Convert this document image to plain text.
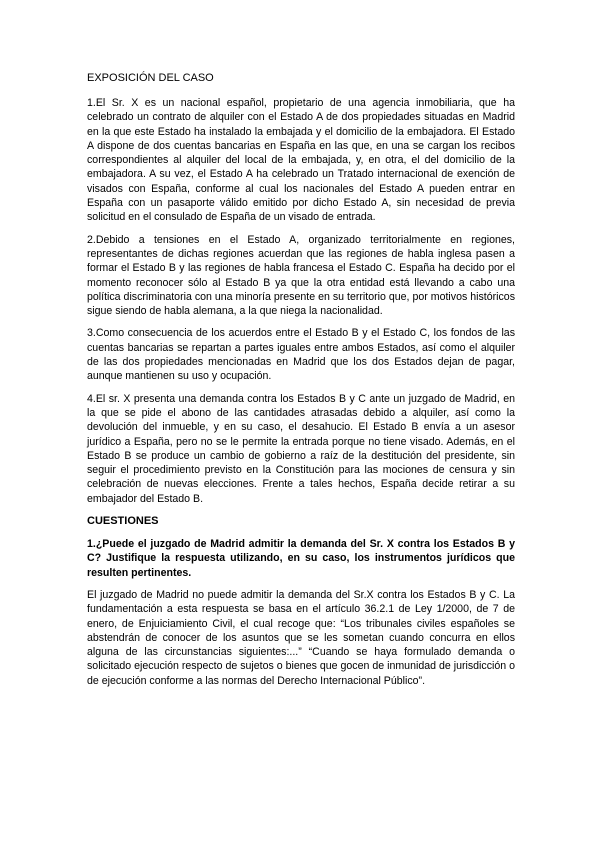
EXPOSICIÓN DEL CASO

1.El Sr. X es un nacional español, propietario de una agencia inmobiliaria, que ha celebrado un contrato de alquiler con el Estado A de dos propiedades situadas en Madrid en la que este Estado ha instalado la embajada y el domicilio de la embajadora. El Estado A dispone de dos cuentas bancarias en España en las que, en una se cargan los recibos correspondientes al alquiler del local de la embajada, y, en otra, el del domicilio de la embajadora. A su vez, el Estado A ha celebrado un Tratado internacional de exención de visados con España, conforme al cual los nacionales del Estado A pueden entrar en España con un pasaporte válido emitido por dicho Estado A, sin necesidad de previa solicitud en el consulado de España de un visado de entrada.

2.Debido a tensiones en el Estado A, organizado territorialmente en regiones, representantes de dichas regiones acuerdan que las regiones de habla inglesa pasen a formar el Estado B y las regiones de habla francesa el Estado C. España ha decido por el momento reconocer sólo al Estado B ya que la otra entidad está llevando a cabo una política discriminatoria con una minoría presente en su territorio que, por motivos históricos sigue siendo de habla alemana, a la que niega la nacionalidad.

3.Como consecuencia de los acuerdos entre el Estado B y el Estado C, los fondos de las cuentas bancarias se repartan a partes iguales entre ambos Estados, así como el alquiler de las dos propiedades mencionadas en Madrid que los dos Estados dejan de pagar, aunque mantienen su uso y ocupación.

4.El sr. X presenta una demanda contra los Estados B y C ante un juzgado de Madrid, en la que se pide el abono de las cantidades atrasadas debido a alquiler, así como la devolución del inmueble, y en su caso, el desahucio. El Estado B envía a un asesor jurídico a España, pero no se le permite la entrada porque no tiene visado. Además, en el Estado B se produce un cambio de gobierno a raíz de la destitución del presidente, sin seguir el procedimiento previsto en la Constitución para las mociones de censura y sin celebración de nuevas elecciones. Frente a tales hechos, España decide retirar a su embajador del Estado B.

CUESTIONES

1.¿Puede el juzgado de Madrid admitir la demanda del Sr. X contra los Estados B y C? Justifique la respuesta utilizando, en su caso, los instrumentos jurídicos que resulten pertinentes.

El juzgado de Madrid no puede admitir la demanda del Sr.X contra los Estados B y C. La fundamentación a esta respuesta se basa en el artículo 36.2.1 de Ley 1/2000, de 7 de enero, de Enjuiciamiento Civil, el cual recoge que: “Los tribunales civiles españoles se abstendrán de conocer de los asuntos que se les sometan cuando concurra en ellos alguna de las circunstancias siguientes:...” “Cuando se haya formulado demanda o solicitado ejecución respecto de sujetos o bienes que gocen de inmunidad de jurisdicción o de ejecución conforme a las normas del Derecho Internacional Público”.
